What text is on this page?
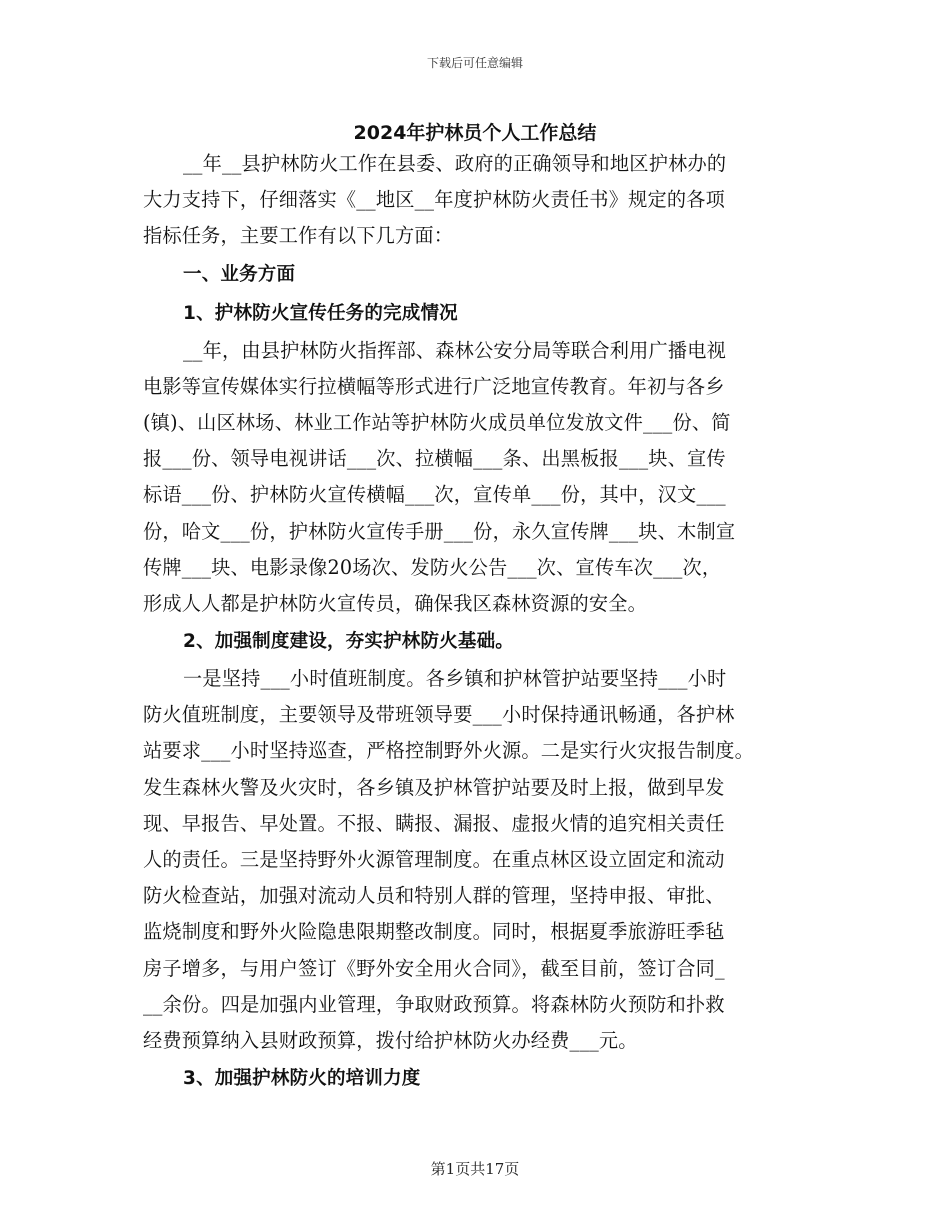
下载后可任意编辑
2024年护林员个人工作总结
__年__县护林防火工作在县委、政府的正确领导和地区护林办的
大力支持下，仔细落实《__地区__年度护林防火责任书》规定的各项
指标任务，主要工作有以下几方面：
一、业务方面
1、护林防火宣传任务的完成情况
__年，由县护林防火指挥部、森林公安分局等联合利用广播电视
电影等宣传媒体实行拉横幅等形式进行广泛地宣传教育。年初与各乡
(镇)、山区林场、林业工作站等护林防火成员单位发放文件___份、简
报___份、领导电视讲话___次、拉横幅___条、出黑板报___块、宣传
标语___份、护林防火宣传横幅___次，宣传单___份，其中，汉文___
份，哈文___份，护林防火宣传手册___份，永久宣传牌___块、木制宣
传牌___块、电影录像20场次、发防火公告___次、宣传车次___次，
形成人人都是护林防火宣传员，确保我区森林资源的安全。
2、加强制度建设，夯实护林防火基础。
一是坚持___小时值班制度。各乡镇和护林管护站要坚持___小时
防火值班制度，主要领导及带班领导要___小时保持通讯畅通，各护林
站要求___小时坚持巡查，严格控制野外火源。二是实行火灾报告制度。
发生森林火警及火灾时，各乡镇及护林管护站要及时上报，做到早发
现、早报告、早处置。不报、瞒报、漏报、虚报火情的追究相关责任
人的责任。三是坚持野外火源管理制度。在重点林区设立固定和流动
防火检查站，加强对流动人员和特别人群的管理，坚持申报、审批、
监烧制度和野外火险隐患限期整改制度。同时，根据夏季旅游旺季毡
房子增多，与用户签订《野外安全用火合同》，截至目前，签订合同_
__余份。四是加强内业管理，争取财政预算。将森林防火预防和扑救
经费预算纳入县财政预算，拨付给护林防火办经费___元。
3、加强护林防火的培训力度
第1页共17页
